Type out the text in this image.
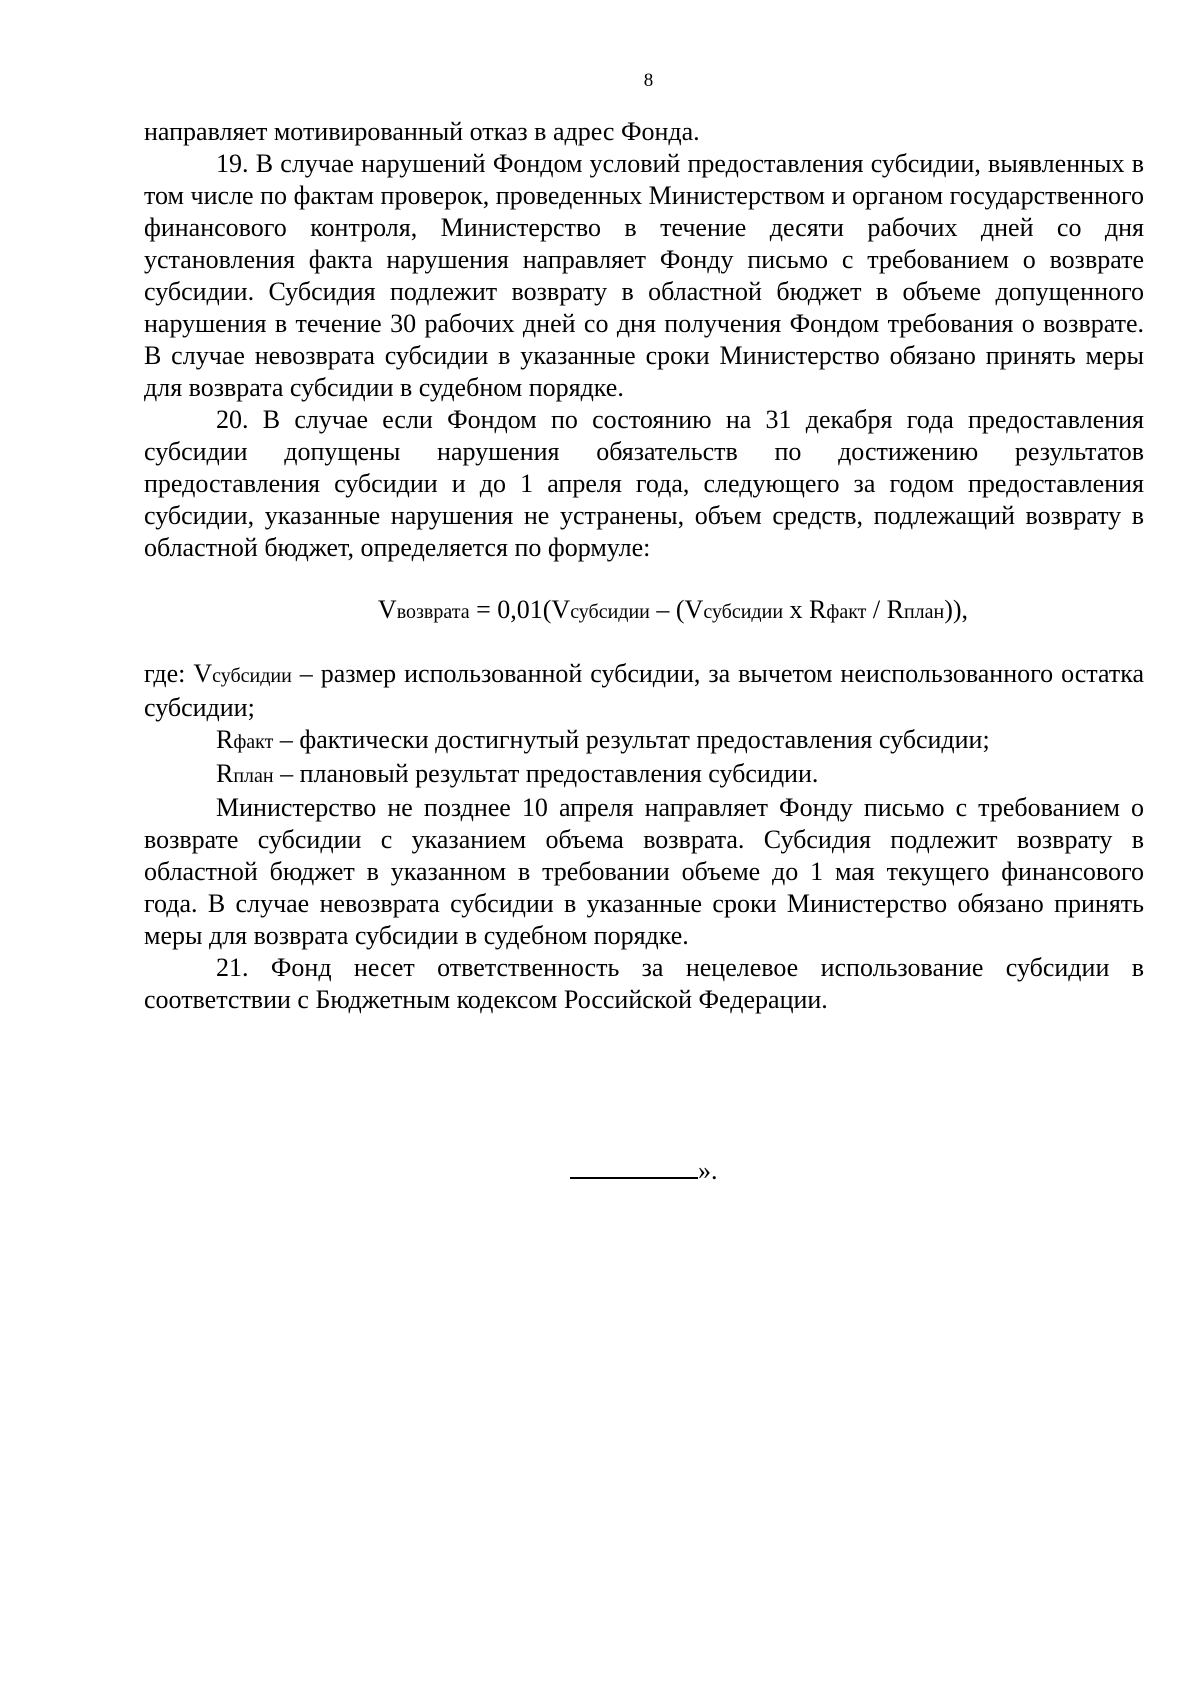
8

направляет мотивированный отказ в адрес Фонда.

19. В случае нарушений Фондом условий предоставления субсидии, выявленных в том числе по фактам проверок, проведенных Министерством и органом государственного финансового контроля, Министерство в течение десяти рабочих дней со дня установления факта нарушения направляет Фонду письмо с требованием о возврате субсидии. Субсидия подлежит возврату в областной бюджет в объеме допущенного нарушения в течение 30 рабочих дней со дня получения Фондом требования о возврате. В случае невозврата субсидии в указанные сроки Министерство обязано принять меры для возврата субсидии в судебном порядке.

20. В случае если Фондом по состоянию на 31 декабря года предоставления субсидии допущены нарушения обязательств по достижению результатов предоставления субсидии и до 1 апреля года, следующего за годом предоставления субсидии, указанные нарушения не устранены, объем средств, подлежащий возврату в областной бюджет, определяется по формуле:

Vвозврата = 0,01(Vсубсидии – (Vсубсидии x Rфакт / Rплан)),

где: Vсубсидии – размер использованной субсидии, за вычетом неиспользованного остатка субсидии;

Rфакт – фактически достигнутый результат предоставления субсидии;

Rплан – плановый результат предоставления субсидии.

Министерство не позднее 10 апреля направляет Фонду письмо с требованием о возврате субсидии с указанием объема возврата. Субсидия подлежит возврату в областной бюджет в указанном в требовании объеме до 1 мая текущего финансового года. В случае невозврата субсидии в указанные сроки Министерство обязано принять меры для возврата субсидии в судебном порядке.

21. Фонд несет ответственность за нецелевое использование субсидии в соответствии с Бюджетным кодексом Российской Федерации.

».
